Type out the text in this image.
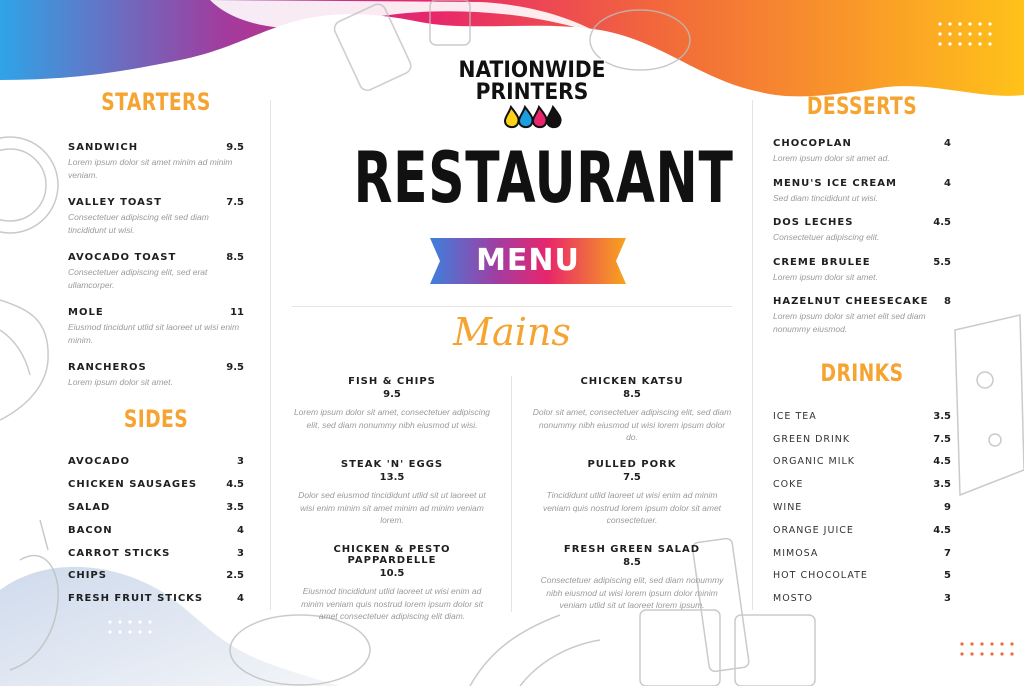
STARTERS
SANDWICH	9.5
Lorem ipsum dolor sit amet minim ad minim veniam.
VALLEY TOAST	7.5
Consectetuer adipiscing elit sed diam tincididunt ut wisi.
AVOCADO TOAST	8.5
Consectetuer adipiscing elit, sed erat ullamcorper.
MOLE	11
Eiusmod tincidunt utlid sit laoreet ut wisi enim minim.
RANCHEROS	9.5
Lorem ipsum dolor sit amet.
SIDES
AVOCADO	3
CHICKEN SAUSAGES	4.5
SALAD	3.5
BACON	4
CARROT STICKS	3
CHIPS	2.5
FRESH FRUIT STICKS	4
NATIONWIDE
PRINTERS
RESTAURANT
MENU
Mains
FISH & CHIPS
9.5
Lorem ipsum dolor sit amet, consectetuer adipiscing elit, sed diam nonummy nibh eiusmod ut wisi.
CHICKEN KATSU
8.5
Dolor sit amet, consectetuer adipiscing elit, sed diam nonummy nibh eiusmod ut wisi lorem ipsum dolor do.
STEAK 'N' EGGS
13.5
Dolor sed eiusmod tincididunt utlid sit ut laoreet ut wisi enim minim sit amet minim ad minim veniam lorem.
PULLED PORK
7.5
Tincididunt utlid laoreet ut wisi enim ad minim veniam quis nostrud lorem ipsum dolor sit amet consectetuer.
CHICKEN & PESTO PAPPARDELLE
10.5
Eiusmod tincididunt utlid laoreet ut wisi enim ad minim veniam quis nostrud lorem ipsum dolor sit amet consectetuer adipiscing elit diam.
FRESH GREEN SALAD
8.5
Consectetuer adipiscing elit, sed diam nonummy nibh eiusmod ut wisi lorem ipsum dolor minim veniam utlid sit ut laoreet lorem ipsum.
DESSERTS
CHOCOPLAN	4
Lorem ipsum dolor sit amet ad.
MENU'S ICE CREAM	4
Sed diam tincididunt ut wisi.
DOS LECHES	4.5
Consectetuer adipiscing elit.
CREME BRULEE	5.5
Lorem ipsum dolor sit amet.
HAZELNUT CHEESECAKE 8
Lorem ipsum dolor sit amet elit sed diam nonummy eiusmod.
DRINKS
ICE TEA	3.5
GREEN DRINK	7.5
ORGANIC MILK	4.5
COKE	3.5
WINE	9
ORANGE JUICE	4.5
MIMOSA	7
HOT CHOCOLATE	5
MOSTO	3
